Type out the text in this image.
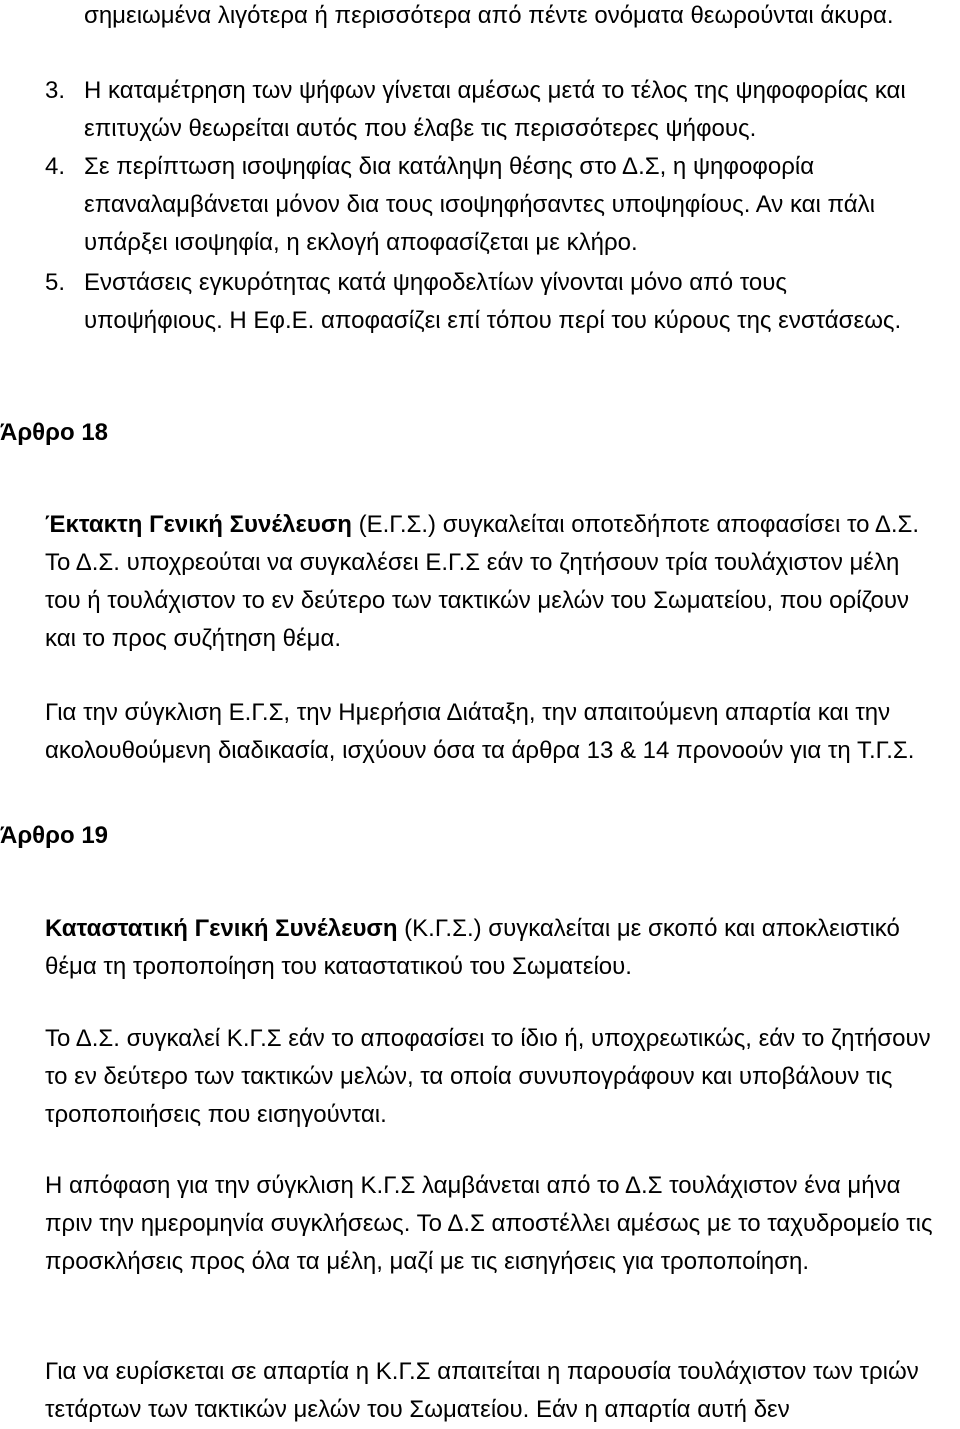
σημειωμένα λιγότερα ή περισσότερα από πέντε ονόματα θεωρούνται άκυρα.

3. Η καταμέτρηση των ψήφων γίνεται αμέσως μετά το τέλος της ψηφοφορίας και επιτυχών θεωρείται αυτός που έλαβε τις περισσότερες ψήφους.
4. Σε περίπτωση ισοψηφίας δια κατάληψη θέσης στο Δ.Σ, η ψηφοφορία επαναλαμβάνεται μόνον δια τους ισοψηφήσαντες υποψηφίους. Αν και πάλι υπάρξει ισοψηφία, η εκλογή αποφασίζεται με κλήρο.
5. Ενστάσεις εγκυρότητας κατά ψηφοδελτίων γίνονται μόνο από τους υποψήφιους. Η Εφ.Ε. αποφασίζει επί τόπου περί του κύρους της ενστάσεως.
Άρθρο 18

Έκτακτη Γενική Συνέλευση (Ε.Γ.Σ.) συγκαλείται οποτεδήποτε αποφασίσει το Δ.Σ. Το Δ.Σ. υποχρεούται να συγκαλέσει Ε.Γ.Σ εάν το ζητήσουν τρία τουλάχιστον μέλη του ή τουλάχιστον το εν δεύτερο των τακτικών μελών του Σωματείου, που ορίζουν και το προς συζήτηση θέμα.

Για την σύγκλιση Ε.Γ.Σ, την Ημερήσια Διάταξη, την απαιτούμενη απαρτία και την ακολουθούμενη διαδικασία, ισχύουν όσα τα άρθρα 13 & 14 προνοούν για τη Τ.Γ.Σ.

Άρθρο 19

Καταστατική Γενική Συνέλευση (Κ.Γ.Σ.) συγκαλείται με σκοπό και αποκλειστικό θέμα τη τροποποίηση του καταστατικού του Σωματείου.

Το Δ.Σ. συγκαλεί Κ.Γ.Σ εάν το αποφασίσει το ίδιο ή, υποχρεωτικώς, εάν το ζητήσουν το εν δεύτερο των τακτικών μελών, τα οποία συνυπογράφουν και υποβάλουν τις τροποποιήσεις που εισηγούνται.

Η απόφαση για την σύγκλιση Κ.Γ.Σ λαμβάνεται από το Δ.Σ τουλάχιστον ένα μήνα πριν την ημερομηνία συγκλήσεως. Το Δ.Σ αποστέλλει αμέσως με το ταχυδρομείο τις προσκλήσεις προς όλα τα μέλη, μαζί με τις εισηγήσεις για τροποποίηση.

Για να ευρίσκεται σε απαρτία η Κ.Γ.Σ απαιτείται η παρουσία τουλάχιστον των τριών τετάρτων των τακτικών μελών του Σωματείου. Εάν η απαρτία αυτή δεν
